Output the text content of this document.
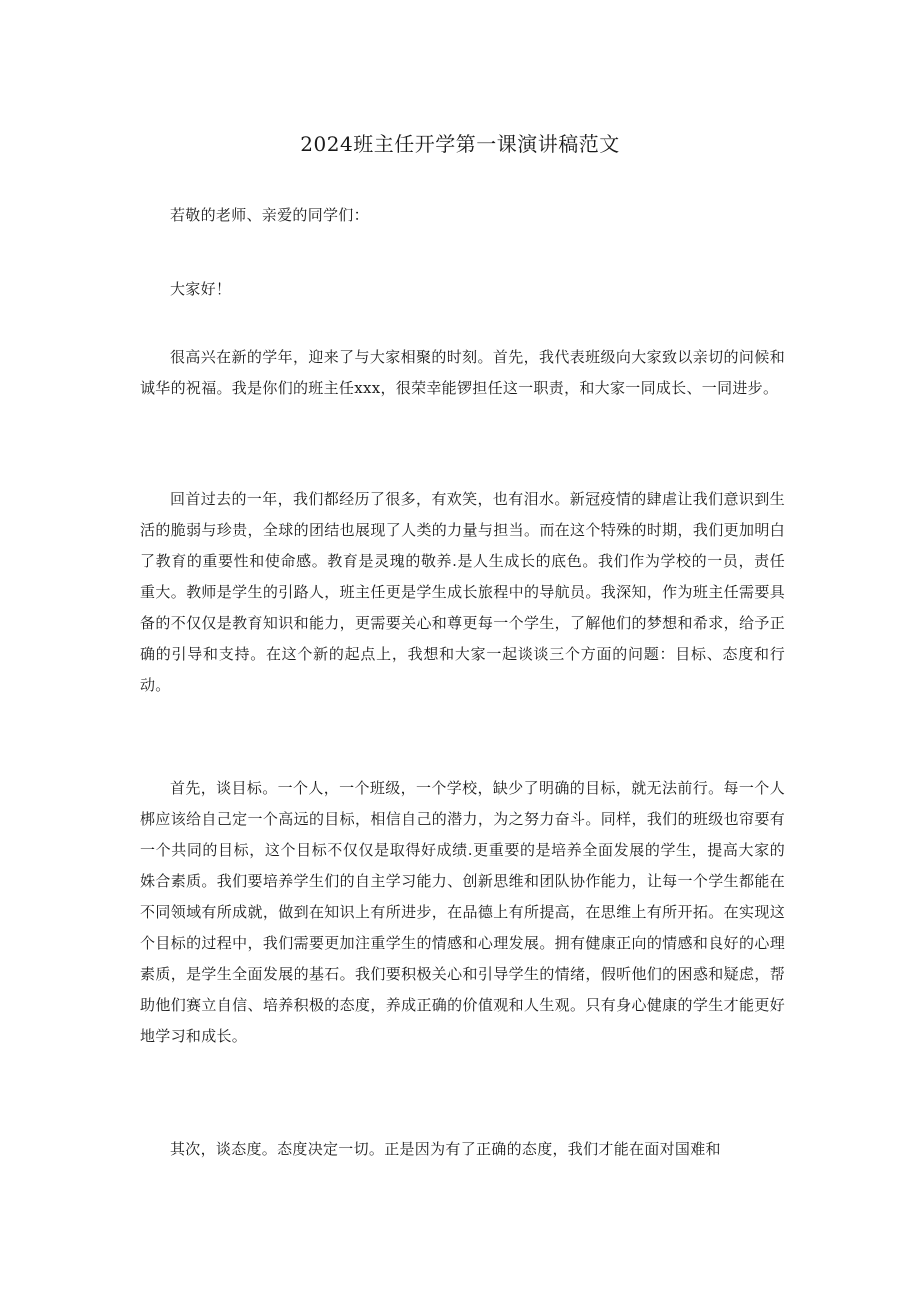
2024班主任开学第一课演讲稿范文

若敬的老师、亲爱的同学们：

大家好！

很高兴在新的学年，迎来了与大家相聚的时刻。首先，我代表班级向大家致以亲切的问候和诚华的祝福。我是你们的班主任xxx，很荣幸能锣担任这一职责，和大家一同成长、一同进步。

回首过去的一年，我们都经历了很多，有欢笑，也有泪水。新冠疫情的肆虐让我们意识到生活的脆弱与珍贵，全球的团结也展现了人类的力量与担当。而在这个特殊的时期，我们更加明白了教育的重要性和使命感。教育是灵瑰的敬养.是人生成长的底色。我们作为学校的一员，责任重大。教师是学生的引路人，班主任更是学生成长旅程中的导航员。我深知，作为班主任需要具备的不仅仅是教育知识和能力，更需要关心和尊更每一个学生，了解他们的梦想和希求，给予正确的引导和支持。在这个新的起点上，我想和大家一起谈谈三个方面的问题：目标、态度和行动。

首先，谈目标。一个人，一个班级，一个学校，缺少了明确的目标，就无法前行。每一个人梆应该给自己定一个高远的目标，相信自己的潜力，为之努力奋斗。同样，我们的班级也帘要有一个共同的目标，这个目标不仅仅是取得好成绩.更重要的是培养全面发展的学生，提高大家的姝合素质。我们要培养学生们的自主学习能力、创新思维和团队协作能力，让每一个学生都能在不同领域有所成就，做到在知识上有所进步，在品德上有所提高，在思维上有所开拓。在实现这个目标的过程中，我们需要更加注重学生的情感和心理发展。拥有健康正向的情感和良好的心理素质，是学生全面发展的基石。我们要积极关心和引导学生的情绪，假听他们的困惑和疑虑，帮助他们赛立自信、培养积极的态度，养成正确的价值观和人生观。只有身心健康的学生才能更好地学习和成长。

其次，谈态度。态度决定一切。正是因为有了正确的态度，我们才能在面对国难和
